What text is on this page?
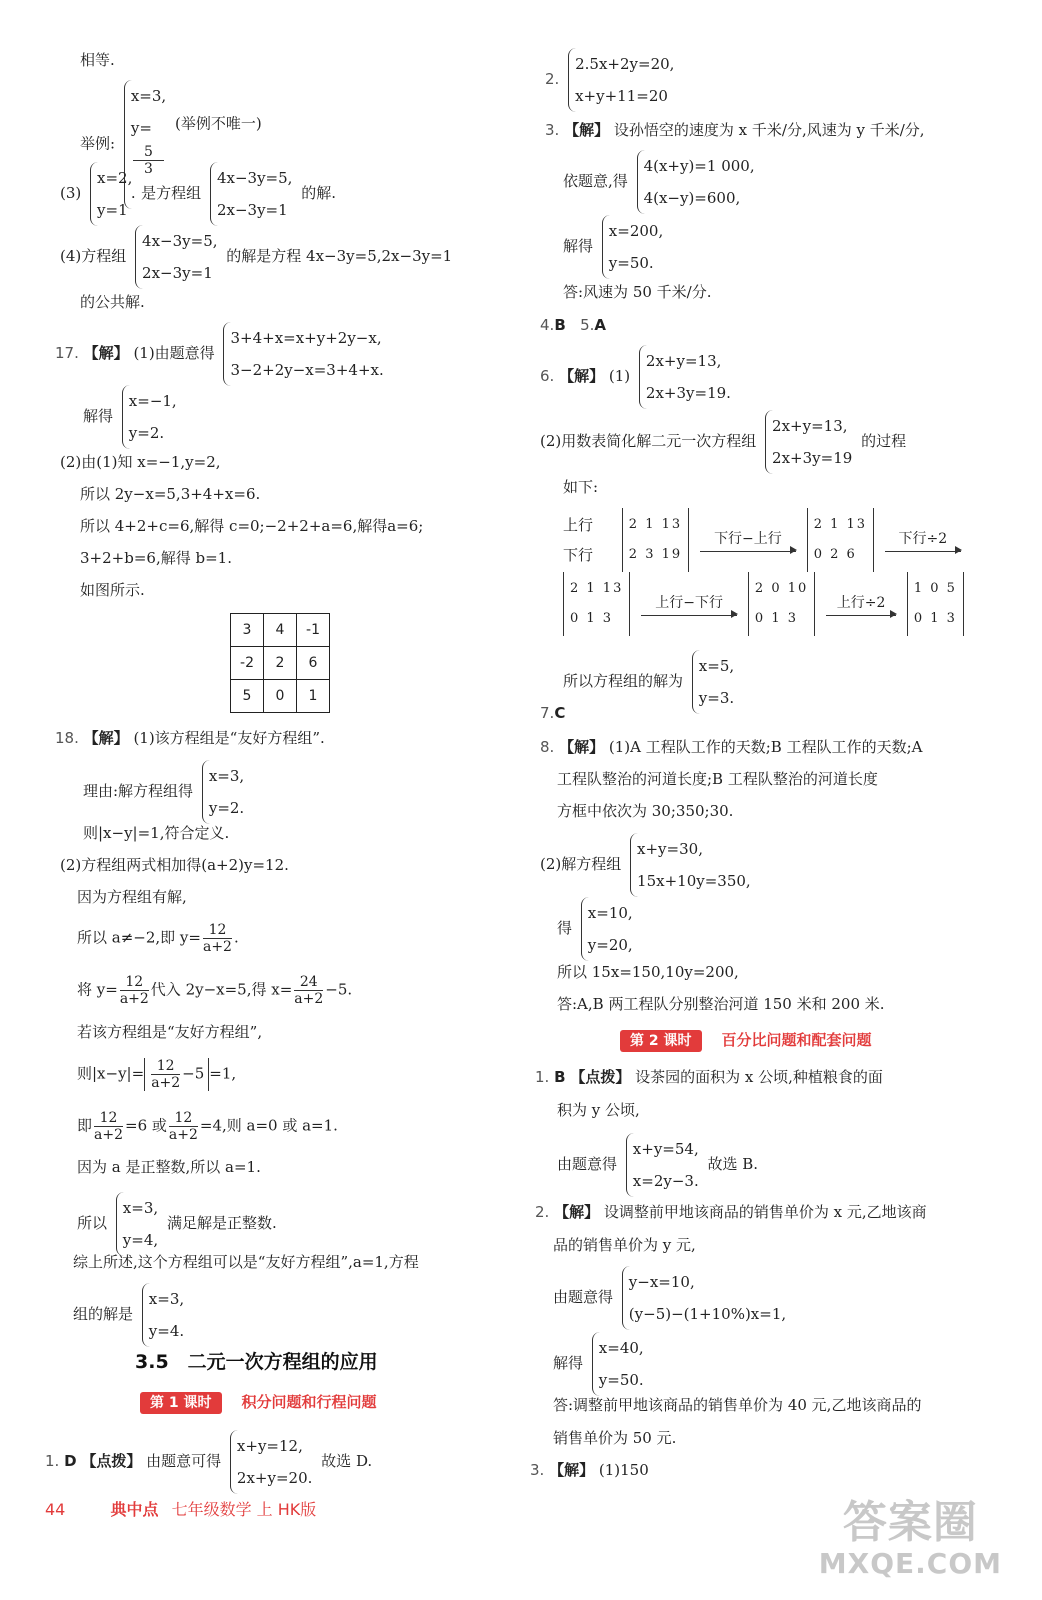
相等.
举例:
x=3,
y=
5
3
.
(举例不唯一)
(3)
x=2,
y=1
是方程组
4x−3y=5,
2x−3y=1
的解.
(4)方程组
4x−3y=5,
2x−3y=1
的解是方程 4x−3y=5,2x−3y=1
的公共解.
17. 【解】 (1)由题意得
3+4+x=x+y+2y−x,
3−2+2y−x=3+4+x.
解得
x=−1,
y=2.
(2)由(1)知 x=−1,y=2,
所以 2y−x=5,3+4+x=6.
所以 4+2+c=6,解得 c=0;−2+2+a=6,解得a=6;
3+2+b=6,解得 b=1.
如图所示.
3	4	-1
-2	2	6
5	0	1
18. 【解】 (1)该方程组是“友好方程组”.
理由:解方程组得
x=3,
y=2.
则|x−y|=1,符合定义.
(2)方程组两式相加得(a+2)y=12.
因为方程组有解,
所以 a≠−2,即 $y= \frac{12}{a+2}$ .
将 $y= \frac{12}{a+2}$ 代入 2y−x=5,得 $x= \frac{24}{a+2} -5$.
若该方程组是“友好方程组”,
则$|x-y|= \frac{12}{a+2} -5 =1$,
即 $\frac{12}{a+2} =6$ 或 $\frac{12}{a+2} =4$,则 a=0 或 a=1.
因为 a 是正整数,所以 a=1.
所以
x=3,
y=4,
满足解是正整数.
综上所述,这个方程组可以是“友好方程组”,a=1,方程
组的解是
x=3,
y=4.
3.5　二元一次方程组的应用
第 1 课时 积分问题和行程问题
1. D 【点拨】 由题意可得
x+y=12,
2x+y=20.
故选 D.
2.
2.5x+2y=20,
x+y+11=20
3. 【解】 设孙悟空的速度为 x 千米/分,风速为 y 千米/分,
依题意,得
4(x+y)=1 000,
4(x−y)=600,
解得
x=200,
y=50.
答:风速为 50 千米/分.
4.B 5.A
6. 【解】 (1)
2x+y=13,
2x+3y=19.
(2)用数表简化解二元一次方程组
2x+y=13,
2x+3y=19
的过程
如下:
上行
下行

2 1 13
2 3 19
下行−上行

2 1 13
0 2 6
下行÷2
2 1 13
0 1 3
上行−下行

2 0 10
0 1 3
上行÷2

1 0 5
0 1 3
所以方程组的解为
x=5,
y=3.
7.C
8. 【解】 (1)A 工程队工作的天数;B 工程队工作的天数;A
工程队整治的河道长度;B 工程队整治的河道长度
方框中依次为 30;350;30.
(2)解方程组
x+y=30,
15x+10y=350,
得
x=10,
y=20,
所以 15x=150,10y=200,
答:A,B 两工程队分别整治河道 150 米和 200 米.
第 2 课时 百分比问题和配套问题
1. B 【点拨】 设茶园的面积为 x 公顷,种植粮食的面
积为 y 公顷,
由题意得
x+y=54,
x=2y−3.
故选 B.
2. 【解】 设调整前甲地该商品的销售单价为 x 元,乙地该商
品的销售单价为 y 元,
由题意得
y−x=10,
(y−5)−(1+10%)x=1,
解得
x=40,
y=50.
答:调整前甲地该商品的销售单价为 40 元,乙地该商品的
销售单价为 50 元.
3. 【解】 (1)150
44	典中点 七年级数学 上 HK版	答案圈
MXQE.COM
